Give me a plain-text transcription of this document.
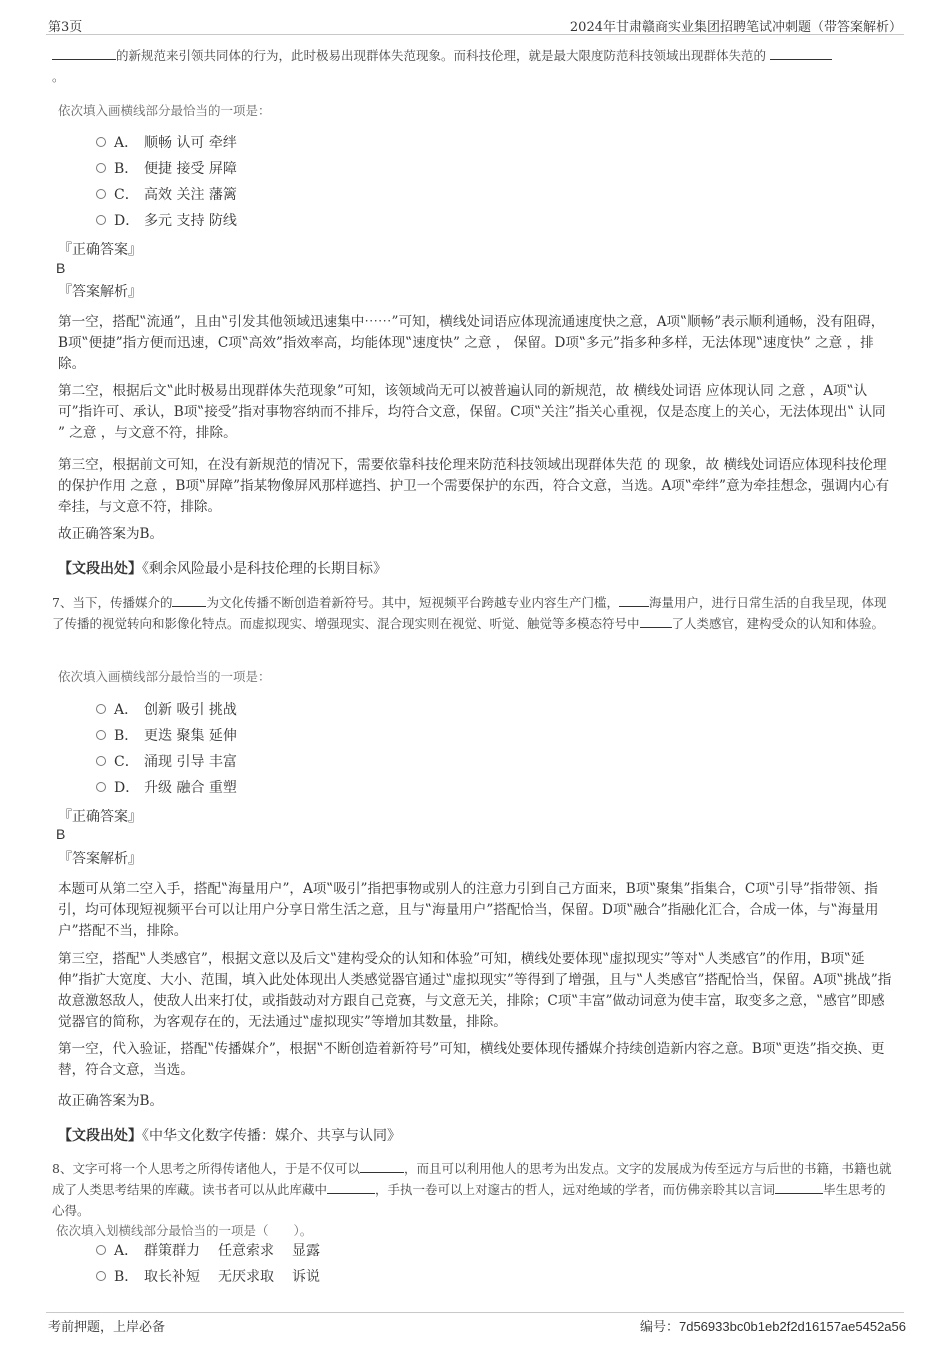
第3页	2024年甘肃赣商实业集团招聘笔试冲刺题（带答案解析）
的新规范来引领共同体的行为，此时极易出现群体失范现象。而科技伦理，就是最大限度防范科技领域出现群体失范的
。
依次填入画横线部分最恰当的一项是：
A． 顺畅 认可 牵绊
B． 便捷 接受 屏障
C． 高效 关注 藩篱
D． 多元 支持 防线
『正确答案』
B
『答案解析』
第一空，搭配‟流通”，且由‟引发其他领域迅速集中⋯⋯”可知，横线处词语应体现流通速度快之意，A项‟顺畅”表示顺利通畅，没有阻碍，B项‟便捷”指方便而迅速，C项‟高效”指效率高，均能体现‟速度快” 之意 ， 保留。D项‟多元”指多种多样，无法体现‟速度快” 之意 ，排除。
第二空，根据后文‟此时极易出现群体失范现象”可知，该领域尚无可以被普遍认同的新规范，故 横线处词语 应体现认同 之意 ，A项‟认可”指许可、承认，B项‟接受”指对事物容纳而不排斥，均符合文意，保留。C项‟关注”指关心重视，仅是态度上的关心，无法体现出‟ 认同 ” 之意 ，与文意不符，排除。
第三空，根据前文可知，在没有新规范的情况下，需要依靠科技伦理来防范科技领域出现群体失范 的 现象，故 横线处词语应体现科技伦理的保护作用 之意 ，B项‟屏障”指某物像屏风那样遮挡、护卫一个需要保护的东西，符合文意，当选。A项‟牵绊”意为牵挂想念，强调内心有牵挂，与文意不符，排除。
故正确答案为B。
【文段出处】《剩余风险最小是科技伦理的长期目标》
7、当下，传播媒介的	为文化传播不断创造着新符号。其中，短视频平台跨越专业内容生产门槛， 海量用户，进行日常生活的自我呈现，体现了传播的视觉转向和影像化特点。而虚拟现实、增强现实、混合现实则在视觉、听觉、触觉等多模态符号中	了人类感官，建构受众的认知和体验。
依次填入画横线部分最恰当的一项是：
A． 创新 吸引 挑战
B． 更迭 聚集 延伸
C． 涌现 引导 丰富
D． 升级 融合 重塑
『正确答案』
B
『答案解析』
本题可从第二空入手，搭配‟海量用户”，A项‟吸引”指把事物或别人的注意力引到自己方面来，B项‟聚集”指集合，C项‟引导”指带领、指引，均可体现短视频平台可以让用户分享日常生活之意，且与‟海量用户”搭配恰当，保留。D项‟融合”指融化汇合，合成一体，与‟海量用户”搭配不当，排除。
第三空，搭配‟人类感官”，根据文意以及后文‟建构受众的认知和体验”可知，横线处要体现‟虚拟现实”等对‟人类感官”的作用，B项‟延伸”指扩大宽度、大小、范围，填入此处体现出人类感觉器官通过‟虚拟现实”等得到了增强，且与‟人类感官”搭配恰当，保留。A项‟挑战”指故意激怒敌人，使敌人出来打仗，或指鼓动对方跟自己竞赛，与文意无关，排除；C项‟丰富”做动词意为使丰富，取变多之意，‟感官”即感觉器官的简称，为客观存在的，无法通过‟虚拟现实”等增加其数量，排除。
第一空，代入验证，搭配‟传播媒介”，根据‟不断创造着新符号”可知，横线处要体现传播媒介持续创造新内容之意。B项‟更迭”指交换、更替，符合文意，当选。
故正确答案为B。
【文段出处】《中华文化数字传播：媒介、共享与认同》
8、文字可将一个人思考之所得传诸他人，于是不仅可以	，而且可以利用他人的思考为出发点。文字的发展成为传至远方与后世的书籍，书籍也就成了人类思考结果的库藏。读书者可以从此库藏中	，手执一卷可以上对邃古的哲人，远对绝域的学者，而仿佛亲聆其以言词	毕生思考的心得。
依次填入划横线部分最恰当的一项是（　　）。
A． 群策群力 任意索求 显露
B． 取长补短 无厌求取 诉说
考前押题，上岸必备	编号：7d56933bc0b1eb2f2d16157ae5452a56
